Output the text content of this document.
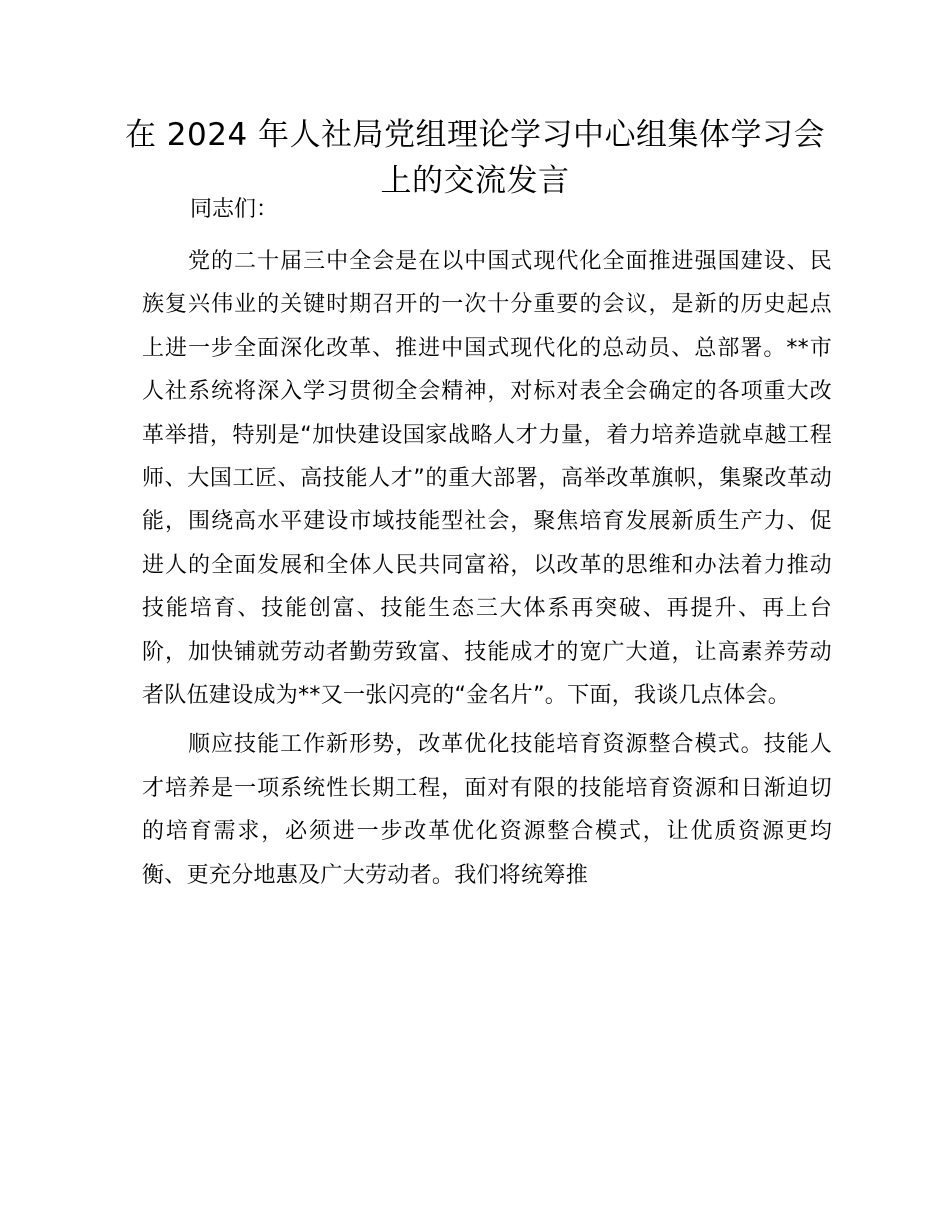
在 2024 年人社局党组理论学习中心组集体学习会上的交流发言

同志们：

党的二十届三中全会是在以中国式现代化全面推进强国建设、民族复兴伟业的关键时期召开的一次十分重要的会议，是新的历史起点上进一步全面深化改革、推进中国式现代化的总动员、总部署。**市人社系统将深入学习贯彻全会精神，对标对表全会确定的各项重大改革举措，特别是“加快建设国家战略人才力量，着力培养造就卓越工程师、大国工匠、高技能人才”的重大部署，高举改革旗帜，集聚改革动能，围绕高水平建设市域技能型社会，聚焦培育发展新质生产力、促进人的全面发展和全体人民共同富裕，以改革的思维和办法着力推动技能培育、技能创富、技能生态三大体系再突破、再提升、再上台阶，加快铺就劳动者勤劳致富、技能成才的宽广大道，让高素养劳动者队伍建设成为**又一张闪亮的“金名片”。下面，我谈几点体会。

顺应技能工作新形势，改革优化技能培育资源整合模式。技能人才培养是一项系统性长期工程，面对有限的技能培育资源和日渐迫切的培育需求，必须进一步改革优化资源整合模式，让优质资源更均衡、更充分地惠及广大劳动者。我们将统筹推
